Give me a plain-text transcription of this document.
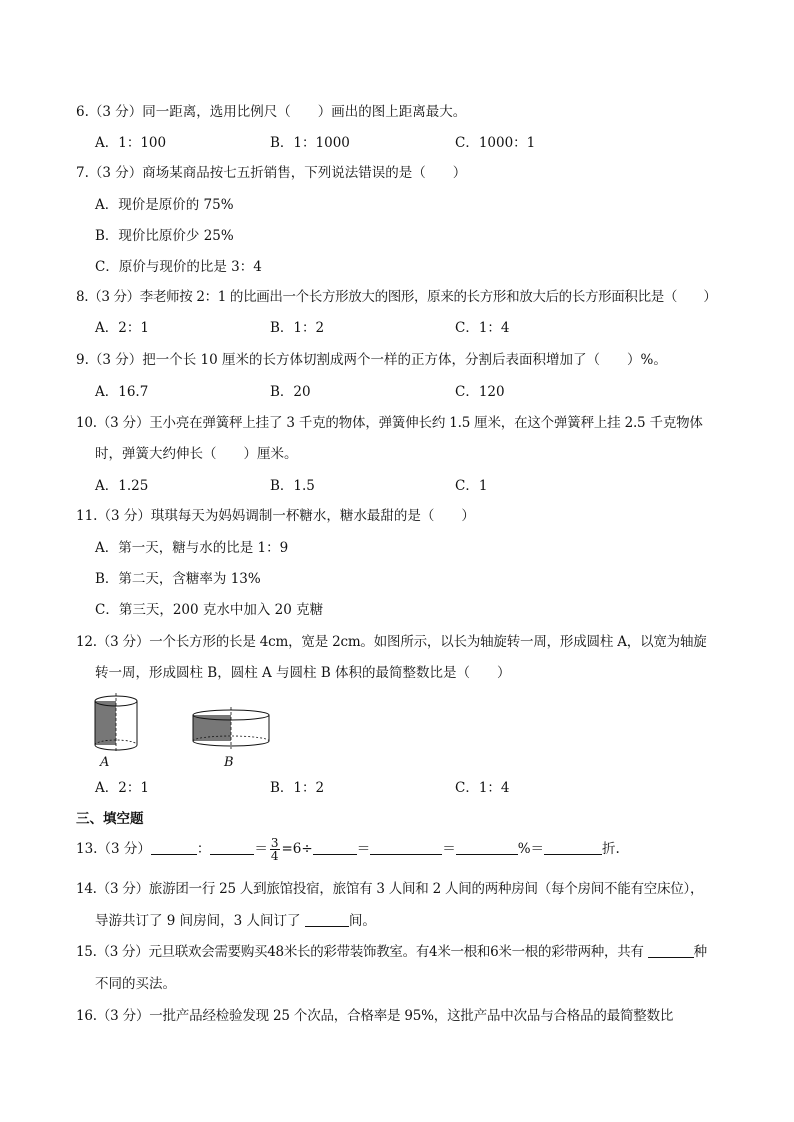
6.（3 分）同一距离，选用比例尺（　　）画出的图上距离最大。
A．1：100	B．1：1000	C．1000：1
7.（3 分）商场某商品按七五折销售，下列说法错误的是（　　）
A．现价是原价的 75%
B．现价比原价少 25%
C．原价与现价的比是 3：4
8.（3 分）李老师按 2：1 的比画出一个长方形放大的图形，原来的长方形和放大后的长方形面积比是（　　）
A．2：1	B．1：2	C．1：4
9.（3 分）把一个长 10 厘米的长方体切割成两个一样的正方体，分割后表面积增加了（　　）%。
A．16.7	B．20	C．120
10.（3 分）王小亮在弹簧秤上挂了 3 千克的物体，弹簧伸长约 1.5 厘米，在这个弹簧秤上挂 2.5 千克物体
时，弹簧大约伸长（　　）厘米。
A．1.25	B．1.5	C．1
11.（3 分）琪琪每天为妈妈调制一杯糖水，糖水最甜的是（　　）
A．第一天，糖与水的比是 1：9
B．第二天，含糖率为 13%
C．第三天，200 克水中加入 20 克糖
12.（3 分）一个长方形的长是 4cm，宽是 2cm。如图所示，以长为轴旋转一周，形成圆柱 A，以宽为轴旋
转一周，形成圆柱 B，圆柱 A 与圆柱 B 体积的最简整数比是（　　）
A	B
A．2：1	B．1：2	C．1：4
三、填空题
13.（3 分）	：	＝ $\frac{3}{4} =6\div$	＝	＝	%＝	折.
14.（3 分）旅游团一行 25 人到旅馆投宿，旅馆有 3 人间和 2 人间的两种房间（每个房间不能有空床位），
导游共订了 9 间房间，3 人间订了	间。
15.（3 分）元旦联欢会需要购买48米长的彩带装饰教室。有4米一根和6米一根的彩带两种，共有	种
不同的买法。
16.（3 分）一批产品经检验发现 25 个次品，合格率是 95%，这批产品中次品与合格品的最简整数比
